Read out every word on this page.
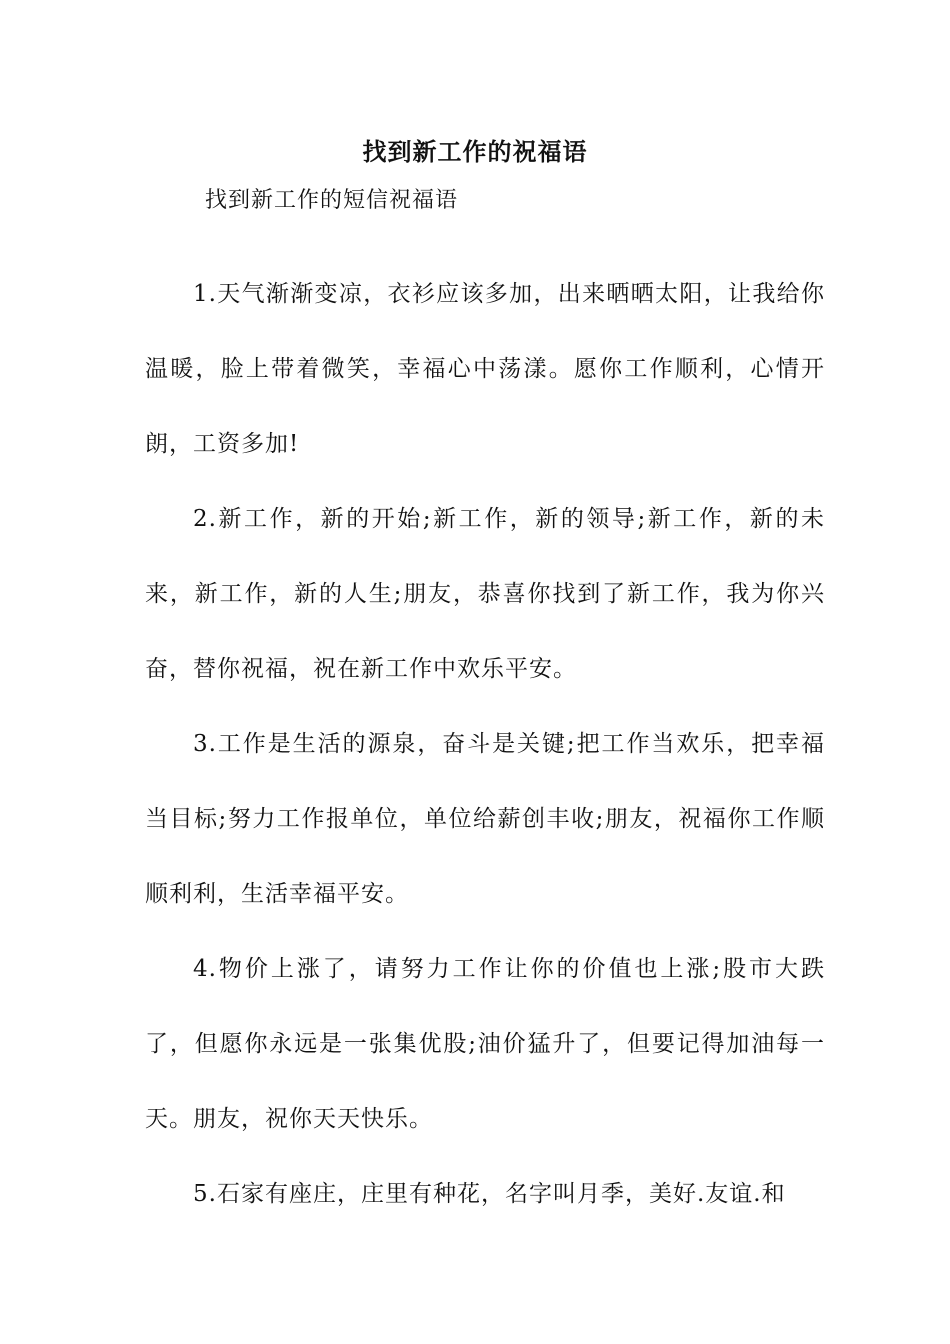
找到新工作的祝福语
找到新工作的短信祝福语

1.天气渐渐变凉，衣衫应该多加，出来晒晒太阳，让我给你温暖，脸上带着微笑，幸福心中荡漾。愿你工作顺利，心情开朗，工资多加!

2.新工作，新的开始;新工作，新的领导;新工作，新的未来，新工作，新的人生;朋友，恭喜你找到了新工作，我为你兴奋，替你祝福，祝在新工作中欢乐平安。

3.工作是生活的源泉，奋斗是关键;把工作当欢乐，把幸福当目标;努力工作报单位，单位给薪创丰收;朋友，祝福你工作顺顺利利，生活幸福平安。

4.物价上涨了，请努力工作让你的价值也上涨;股市大跌了，但愿你永远是一张集优股;油价猛升了，但要记得加油每一天。朋友，祝你天天快乐。

5.石家有座庄，庄里有种花，名字叫月季，美好.友谊.和
